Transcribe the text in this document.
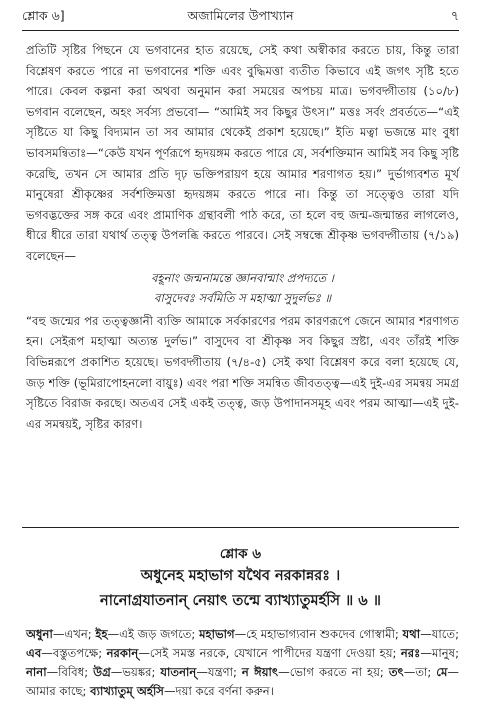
শ্লোক ৬]	অজামিলের উপাখ্যান	৭

প্রতিটি সৃষ্টির পিছনে যে ভগবানের হাত রয়েছে, সেই কথা অস্বীকার করতে চায়, কিন্তু তারা বিশ্লেষণ করতে পারে না ভগবানের শক্তি এবং বুদ্ধিমত্তা ব্যতীত কিভাবে এই জগৎ সৃষ্টি হতে পারে। কেবল কল্পনা করা অথবা অনুমান করা সময়ের অপচয় মাত্র। ভগবদ্গীতায় (১০/৮) ভগবান বলেছেন, অহং সর্বস্য প্রভবো— “আমিই সব কিছুর উৎস।” মত্তঃ সর্বং প্রবর্ততে—“এই সৃষ্টিতে যা কিছু বিদ্যমান তা সব আমার থেকেই প্রকাশ হয়েছে।” ইতি মত্বা ভজন্তে মাং বুধা ভাবসমন্বিতাঃ—“কেউ যখন পূর্ণরূপে হৃদয়ঙ্গম করতে পারে যে, সর্বশক্তিমান আমিই সব কিছু সৃষ্টি করেছি, তখন সে আমার প্রতি দৃঢ় ভক্তিপরায়ণ হয়ে আমার শরণাগত হয়।” দুর্ভাগ্যবশত মূর্খ মানুষেরা শ্রীকৃষ্ণের সর্বশক্তিমত্তা হৃদয়ঙ্গম করতে পারে না। কিন্তু তা সত্ত্বেও তারা যদি ভগবদ্ভক্তের সঙ্গ করে এবং প্রামাণিক গ্রন্থাবলী পাঠ করে, তা হলে বহু জন্ম-জন্মান্তর লাগলেও, ধীরে ধীরে তারা যথার্থ তত্ত্ব উপলব্ধি করতে পারবে। সেই সম্বন্ধে শ্রীকৃষ্ণ ভগবদ্গীতায় (৭/১৯) বলেছেন—

বহূনাং জন্মনামন্তে জ্ঞানবান্মাং প্রপদ্যতে ।

বাসুদেবঃ সর্বমিতি স মহাত্মা সুদুর্লভঃ ॥

“বহু জন্মের পর তত্ত্বজ্ঞানী ব্যক্তি আমাকে সর্বকারণের পরম কারণরূপে জেনে আমার শরণাগত হন। সেইরূপ মহাত্মা অত্যন্ত দুর্লভ।” বাসুদেব বা শ্রীকৃষ্ণ সব কিছুর স্রষ্টা, এবং তাঁরই শক্তি বিভিন্নরূপে প্রকাশিত হয়েছে। ভগবদ্গীতায় (৭/৪-৫) সেই কথা বিশ্লেষণ করে বলা হয়েছে যে, জড় শক্তি (ভূমিরাপোহনলো বায়ুঃ) এবং পরা শক্তি সমন্বিত জীবতত্ত্ব—এই দুই-এর সমন্বয় সমগ্র সৃষ্টিতে বিরাজ করছে। অতএব সেই একই তত্ত্ব, জড় উপাদানসমূহ এবং পরম আত্মা—এই দুই-এর সমন্বয়ই, সৃষ্টির কারণ।

শ্লোক ৬
অধুনেহ মহাভাগ যথৈব নরকান্নরঃ ।
নানোগ্রযাতনান্ নেয়াৎ তন্মে ব্যাখ্যাতুমর্হসি ॥ ৬ ॥
অধুনা—এখন; ইহ—এই জড় জগতে; মহাভাগ—হে মহাভাগ্যবান শুকদেব গোস্বামী; যথা—যাতে; এব—বস্তুতপক্ষে; নরকান্—সেই সমস্ত নরকে, যেখানে পাপীদের যন্ত্রণা দেওয়া হয়; নরঃ—মানুষ; নানা—বিবিধ; উগ্র—ভয়ঙ্কর; যাতনান্—যন্ত্রণা; ন ঈয়াৎ—ভোগ করতে না হয়; তৎ—তা; মে—আমার কাছে; ব্যাখ্যাতুম্ অর্হসি—দয়া করে বর্ণনা করুন।
